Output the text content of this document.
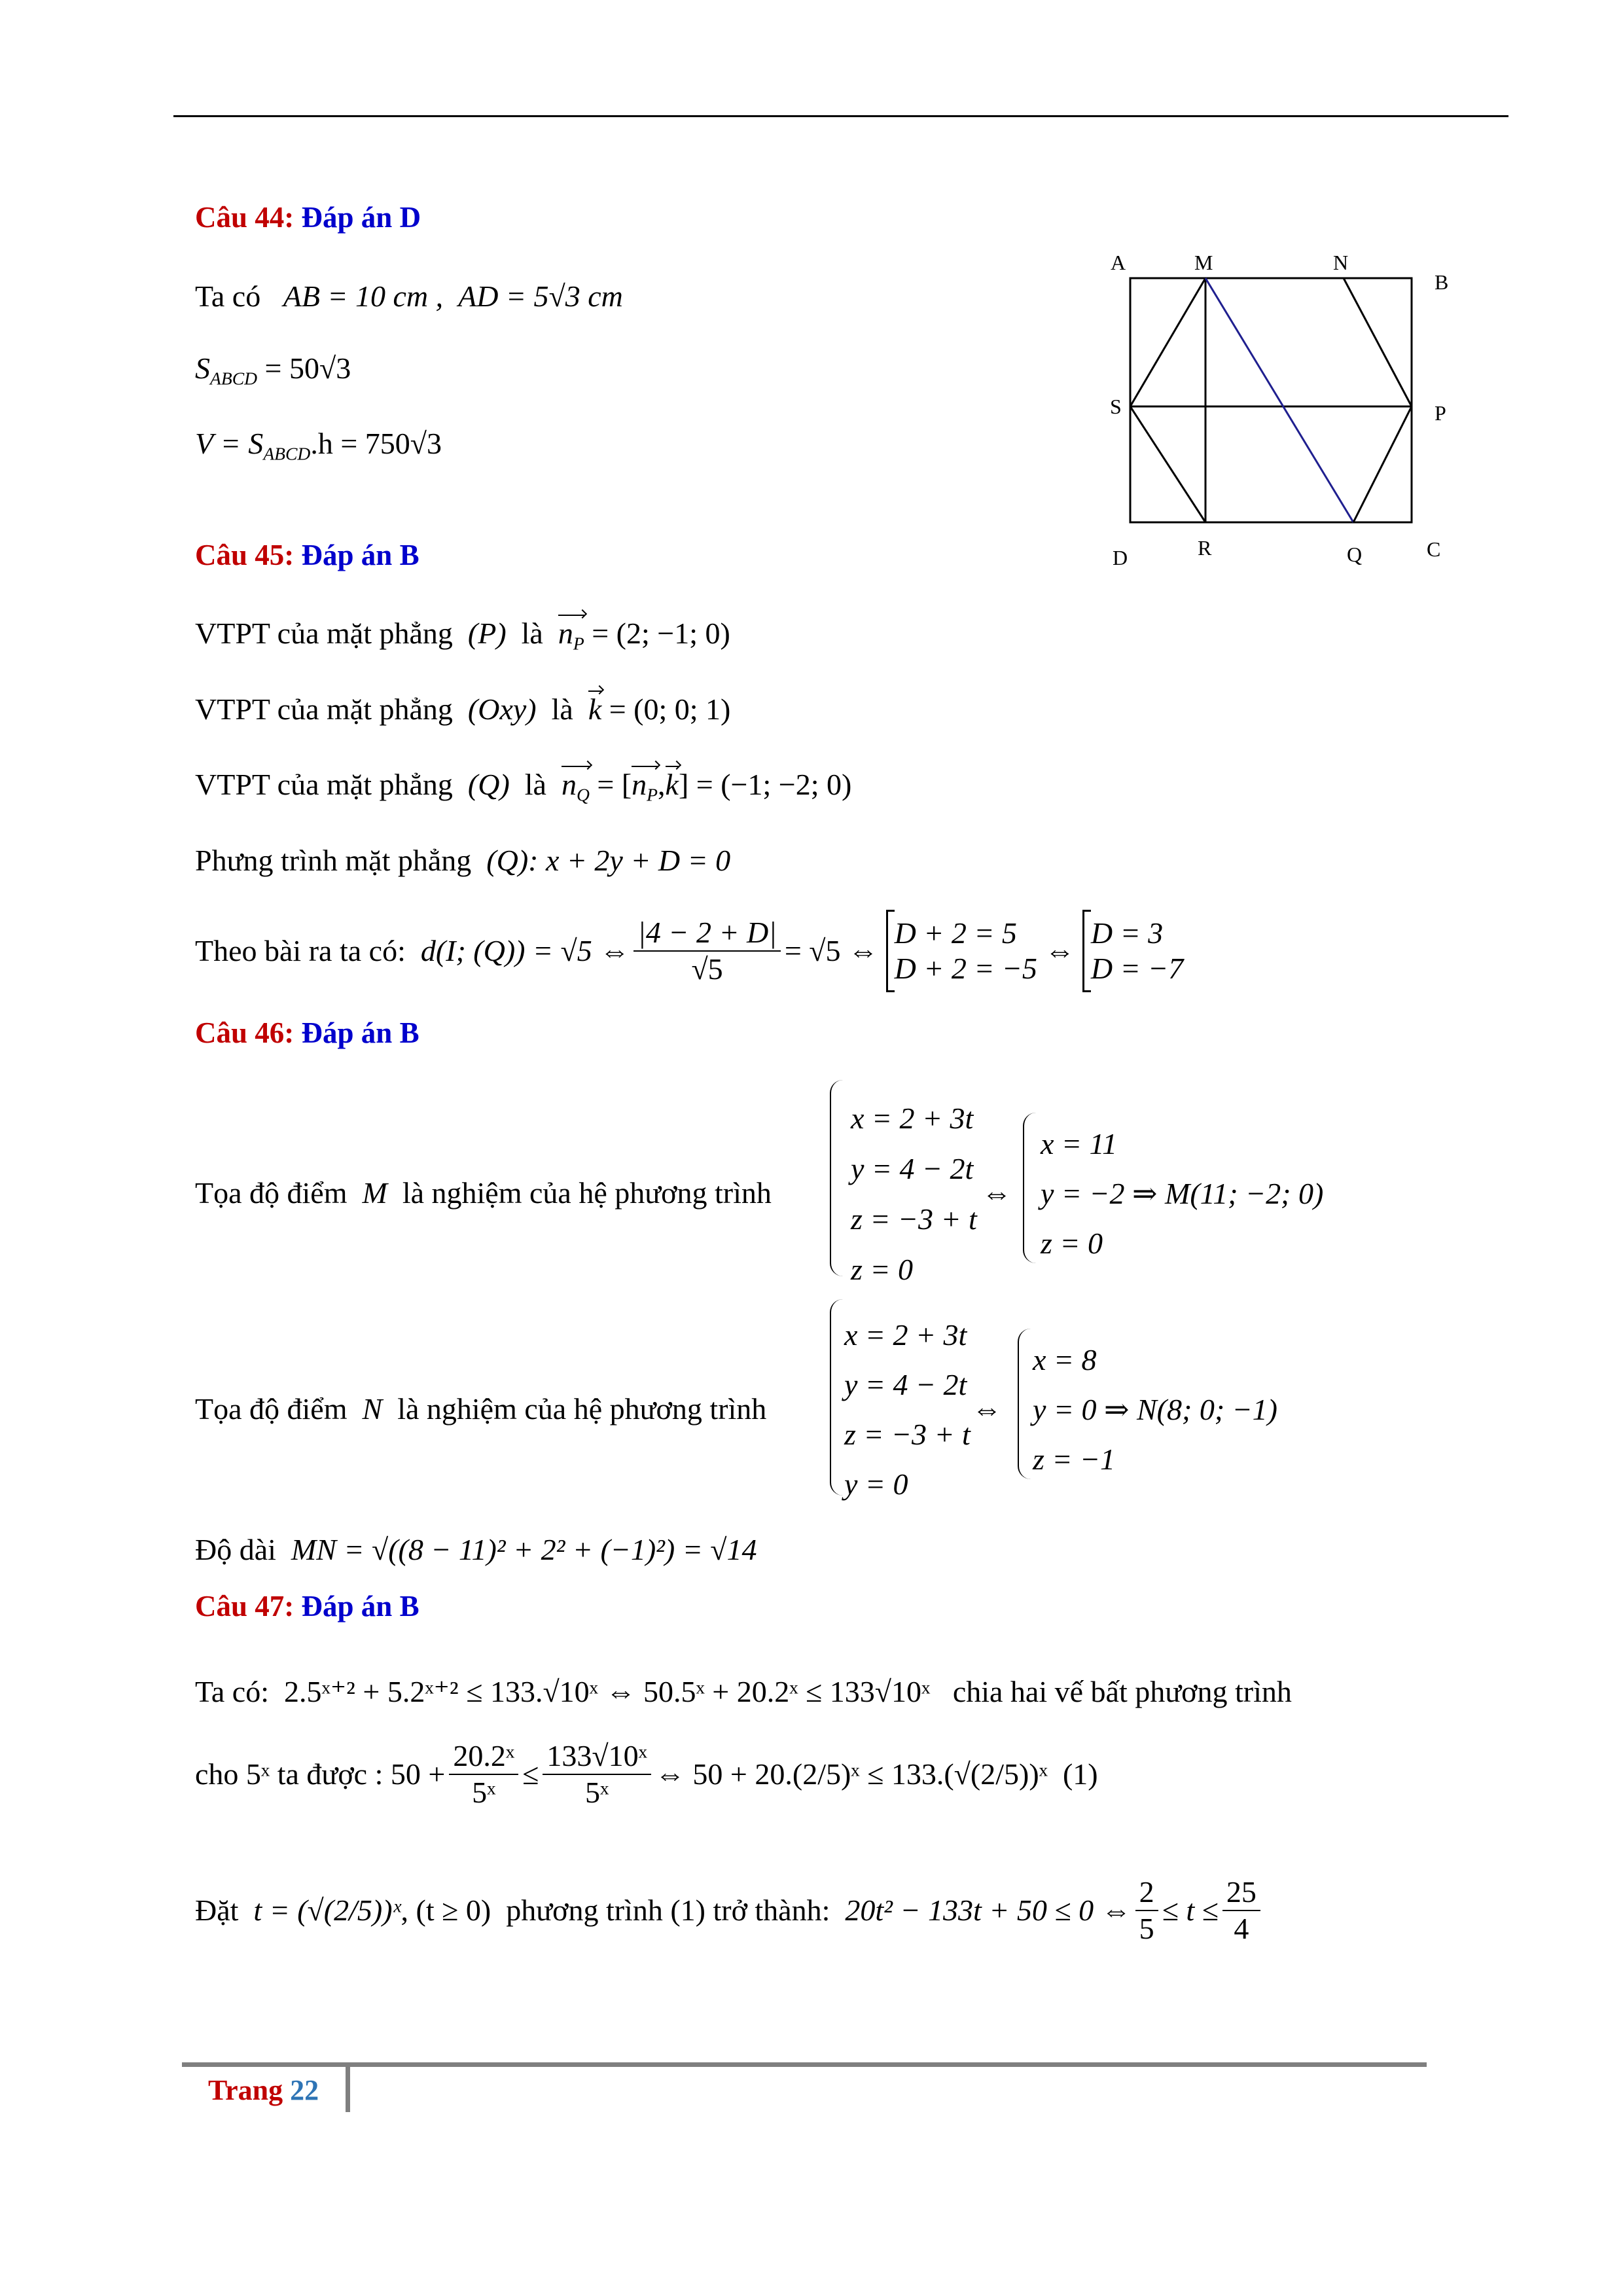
Câu 44: Đáp án D
Ta có AB = 10 cm , AD = 5√3 cm
$S_{ABCD} = 50√3$
$V = S_{ABCD}.h = 750√3$
A	M	N
B
S	P
D	R	Q	C
Câu 45: Đáp án B
VTPT của mặt phẳng (P) là $n_P = (2$; −1; 0)
VTPT của mặt phẳng (Oxy) là k = (0; 0; 1)
VTPT của mặt phẳng (Q) là $n_Q = [n_P,k] = (-1$; −2; 0)
Phưng trình mặt phẳng (Q): x + 2y + D = 0
Theo bài ra ta có:
d(I; (Q)) = √5 ⇔ $\frac{|4 - 2 + D|}{√5} = √5$ ⇔

D + 2 = 5
D + 2 = −5

⇔

D = 3
D = −7
Câu 46: Đáp án B
Tọa độ điểm M là nghiệm của hệ phương trình
x = 2 + 3t
y = 4 − 2t
z = −3 + t
z = 0
⇔
x = 11
y = −2 ⇒ M(11; −2; 0)
z = 0
Tọa độ điểm N là nghiệm của hệ phương trình
x = 2 + 3t
y = 4 − 2t
z = −3 + t
y = 0
⇔
x = 8
y = 0 ⇒ N(8; 0; −1)
z = −1
Độ dài MN = √((8 − 11)² + 2² + (−1)²) = √14
Câu 47: Đáp án B
Ta có: 2.5ˣ⁺² + 5.2ˣ⁺² ≤ 133.√10ˣ ⇔ 50.5ˣ + 20.2ˣ ≤ 133√10ˣ chia hai vế bất phương trình
cho
5ˣ
ta được :
$50 + \frac{\text{20.2ˣ}}{\text{5ˣ}} \le \frac{\text{133√10ˣ}}{\text{5ˣ}}$ ⇔ 50 + 20. (2/5)ˣ ≤ 133. (√(2/5))ˣ
(1)
Đặt
t = (√(2/5))ˣ , (t ≥ 0)
phương trình (1) trở thành:
20t² − 133t + 50 ≤ 0 ⇔ $\frac{2}{5} \le t \le \frac{25}{4}$
Trang 22
